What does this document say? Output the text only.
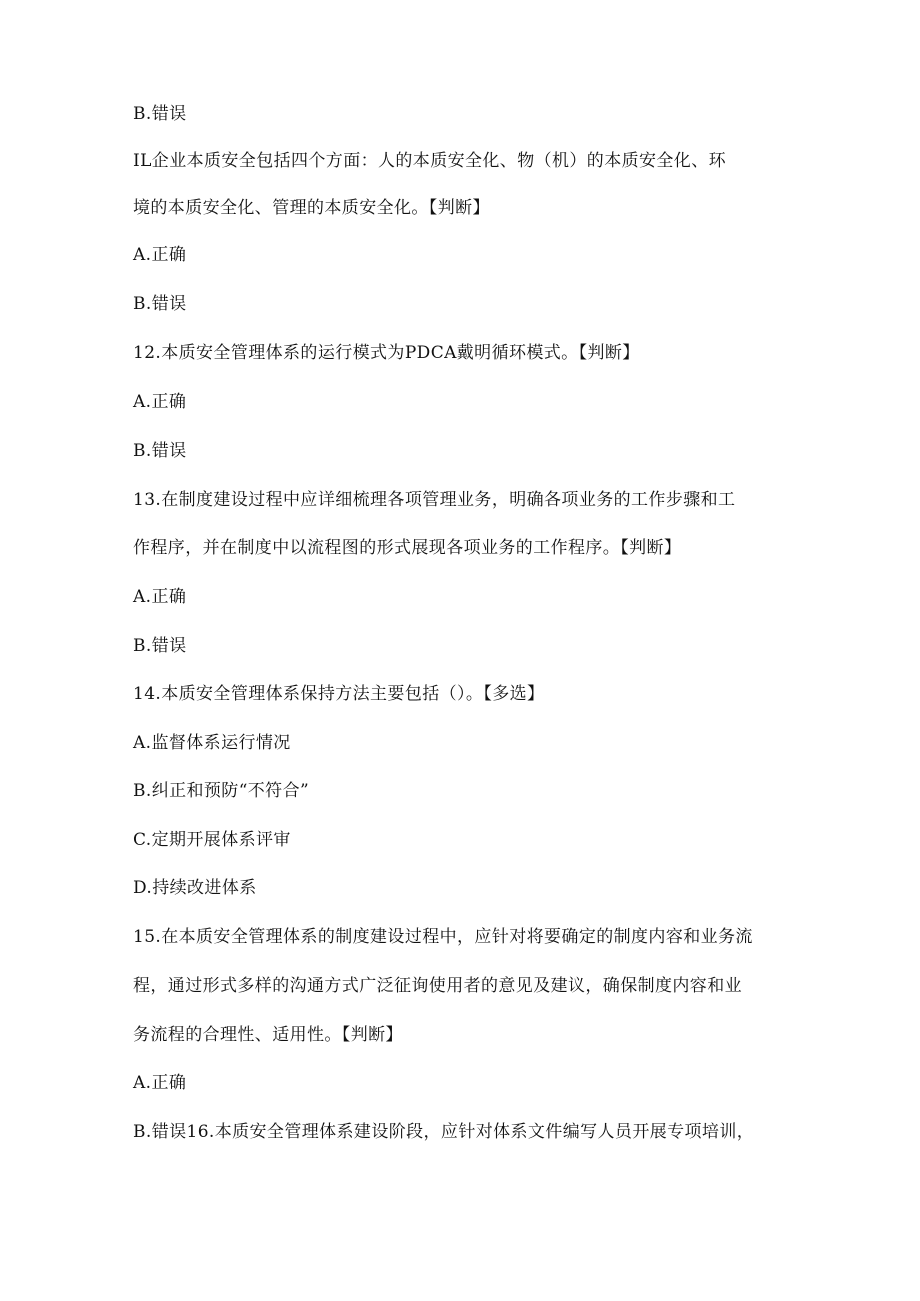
B.错误
IL企业本质安全包括四个方面：人的本质安全化、物（机）的本质安全化、环
境的本质安全化、管理的本质安全化。【判断】
A.正确
B.错误
12.本质安全管理体系的运行模式为PDCA戴明循环模式。【判断】
A.正确
B.错误
13.在制度建设过程中应详细梳理各项管理业务，明确各项业务的工作步骤和工
作程序，并在制度中以流程图的形式展现各项业务的工作程序。【判断】
A.正确
B.错误
14.本质安全管理体系保持方法主要包括（）。【多选】
A.监督体系运行情况
B.纠正和预防“不符合”
C.定期开展体系评审
D.持续改进体系
15.在本质安全管理体系的制度建设过程中，应针对将要确定的制度内容和业务流
程，通过形式多样的沟通方式广泛征询使用者的意见及建议，确保制度内容和业
务流程的合理性、适用性。【判断】
A.正确
B.错误16.本质安全管理体系建设阶段，应针对体系文件编写人员开展专项培训，
